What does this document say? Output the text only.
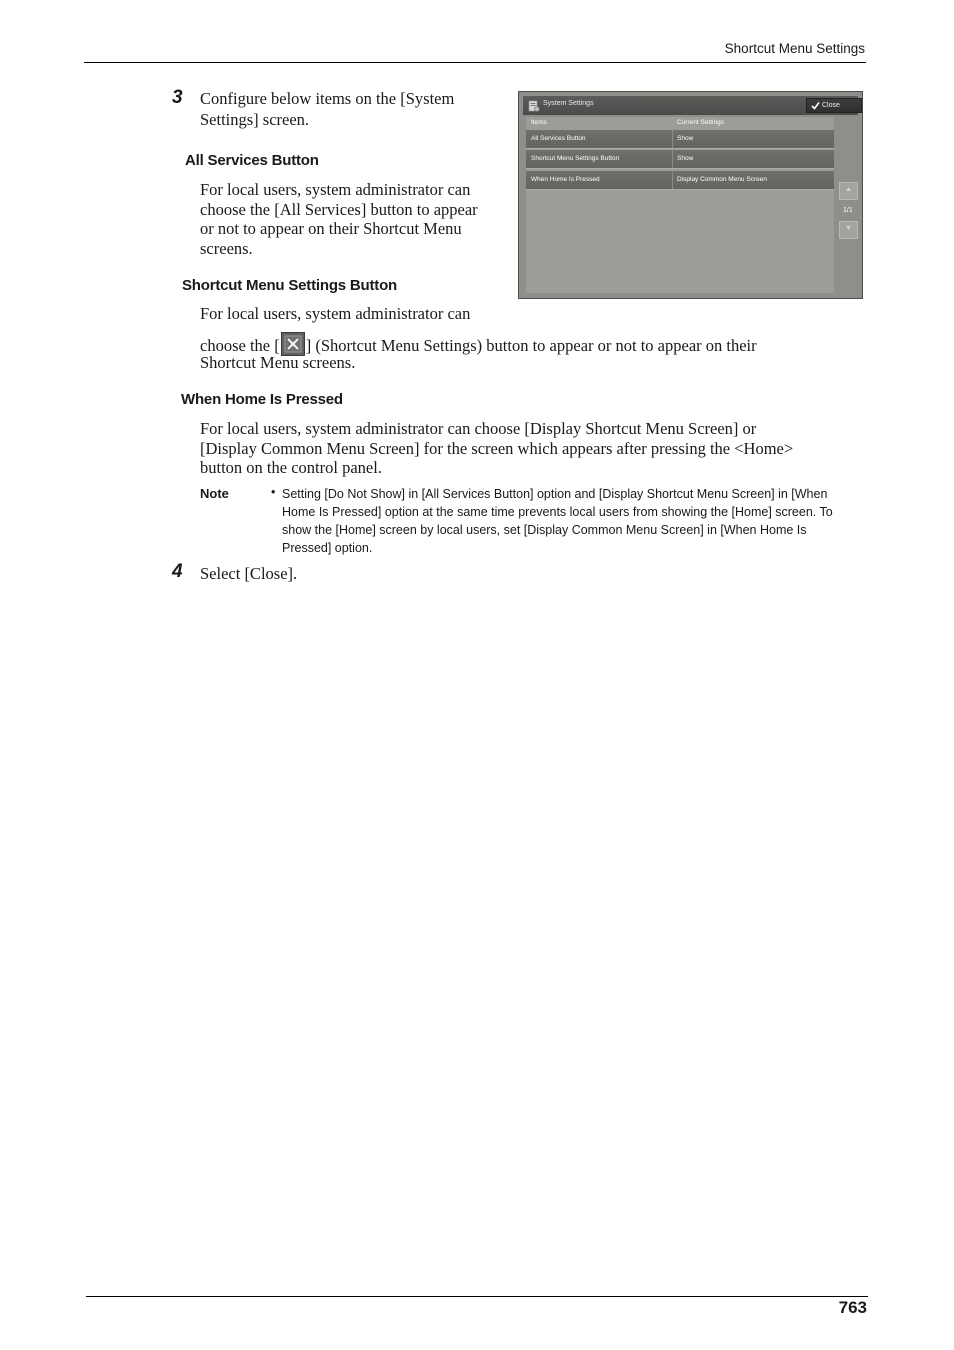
Shortcut Menu Settings
3 Configure below items on the [System
Settings] screen.
All Services Button
For local users, system administrator can
choose the [All Services] button to appear
or not to appear on their Shortcut Menu
screens.
Shortcut Menu Settings Button
For local users, system administrator can
choose the [ ] (Shortcut Menu Settings) button to appear or not to appear on their
Shortcut Menu screens.
When Home Is Pressed
For local users, system administrator can choose [Display Shortcut Menu Screen] or
[Display Common Menu Screen] for the screen which appears after pressing the <Home>
button on the control panel.
Note	• Setting [Do Not Show] in [All Services Button] option and [Display Shortcut Menu Screen] in [When
Home Is Pressed] option at the same time prevents local users from showing the [Home] screen. To
show the [Home] screen by local users, set [Display Common Menu Screen] in [When Home Is
Pressed] option.
4 Select [Close].
System Settings	Close
Items	Current Settings
All Services Button	Show
Shortcut Menu Settings Button	Show
When Home Is Pressed	Display Common Menu Screen
▲
1/1
▼
763
